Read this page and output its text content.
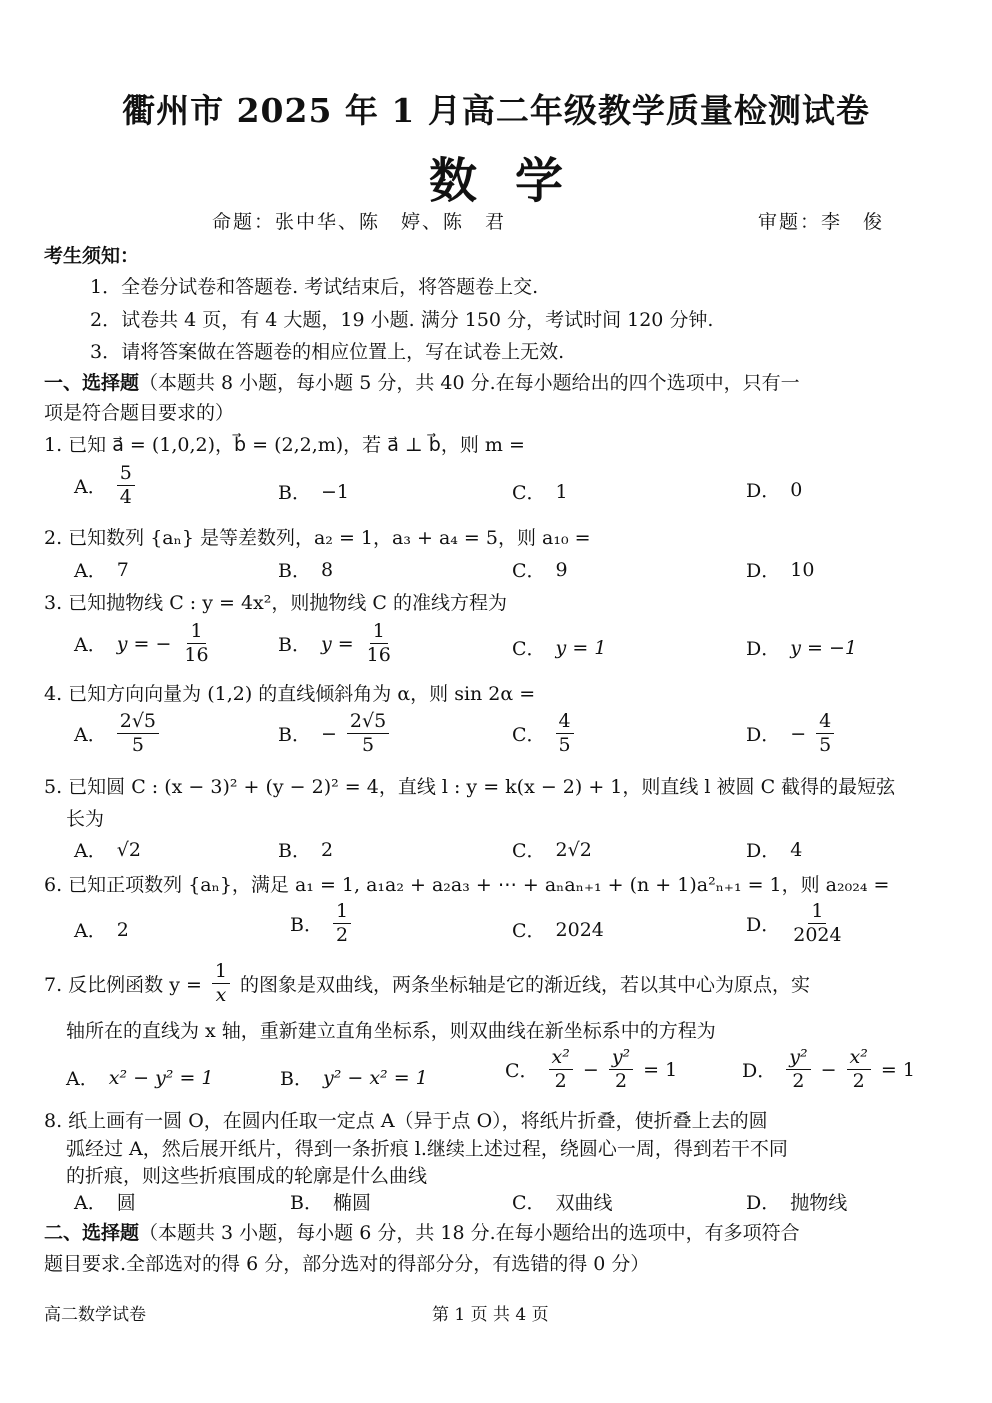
衢州市 2025 年 1 月高二年级教学质量检测试卷
数学
命题：张中华、陈　婷、陈　君	审题：李　俊
考生须知：
1．全卷分试卷和答题卷. 考试结束后，将答题卷上交.
2．试卷共 4 页，有 4 大题，19 小题. 满分 150 分，考试时间 120 分钟.
3．请将答案做在答题卷的相应位置上，写在试卷上无效.
一、选择题（本题共 8 小题，每小题 5 分，共 40 分.在每小题给出的四个选项中，只有一
项是符合题目要求的）
1. 已知 a⃗ = (1,0,2)，b⃗ = (2,2,m)，若 a⃗ ⊥ b⃗，则 m =
A． $\frac{5}{4}$	B． −1	C． 1	D． 0
2. 已知数列 {aₙ} 是等差数列，a₂ = 1，a₃ + a₄ = 5，则 a₁₀ =
A． 7	B． 8	C． 9	D． 10
3. 已知抛物线 C : y = 4x²，则抛物线 C 的准线方程为
A． y = − $\frac{1}{16}$	B． $y = \frac{1}{16}$	C． y = 1	D． y = −1
4. 已知方向向量为 (1,2) 的直线倾斜角为 α，则 sin 2α =
A． $\frac{2√5}{5}$	B． − $\frac{2√5}{5}$	C． $\frac{4}{5}$	D． − $\frac{4}{5}$
5. 已知圆 C : (x − 3)² + (y − 2)² = 4，直线 l : y = k(x − 2) + 1，则直线 l 被圆 C 截得的最短弦
长为
A． √2	B． 2	C． 2√2	D． 4
6. 已知正项数列 {aₙ}，满足 a₁ = 1, a₁a₂ + a₂a₃ + ⋯ + aₙaₙ₊₁ + (n + 1)a²ₙ₊₁ = 1，则 a₂₀₂₄ =
A． 2	B． $\frac{1}{2}$	C． 2024	D． $\frac{1}{2024}$
7. 反比例函数 $y = \frac{1}{x}$ 的图象是双曲线，两条坐标轴是它的渐近线，若以其中心为原点，实
轴所在的直线为 x 轴，重新建立直角坐标系，则双曲线在新坐标系中的方程为
A． x² − y² = 1	B． y² − x² = 1	C． $\frac{\text{x²}}{2} - \frac{\text{y²}}{2} = 1$	D． $\frac{\text{y²}}{2} - \frac{\text{x²}}{2} = 1$
8. 纸上画有一圆 O，在圆内任取一定点 A（异于点 O），将纸片折叠，使折叠上去的圆
弧经过 A，然后展开纸片，得到一条折痕 l.继续上述过程，绕圆心一周，得到若干不同
的折痕，则这些折痕围成的轮廓是什么曲线
A． 圆	B． 椭圆	C． 双曲线	D． 抛物线
二、选择题（本题共 3 小题，每小题 6 分，共 18 分.在每小题给出的选项中，有多项符合
题目要求.全部选对的得 6 分，部分选对的得部分分，有选错的得 0 分）
高二数学试卷	第 1 页 共 4 页
